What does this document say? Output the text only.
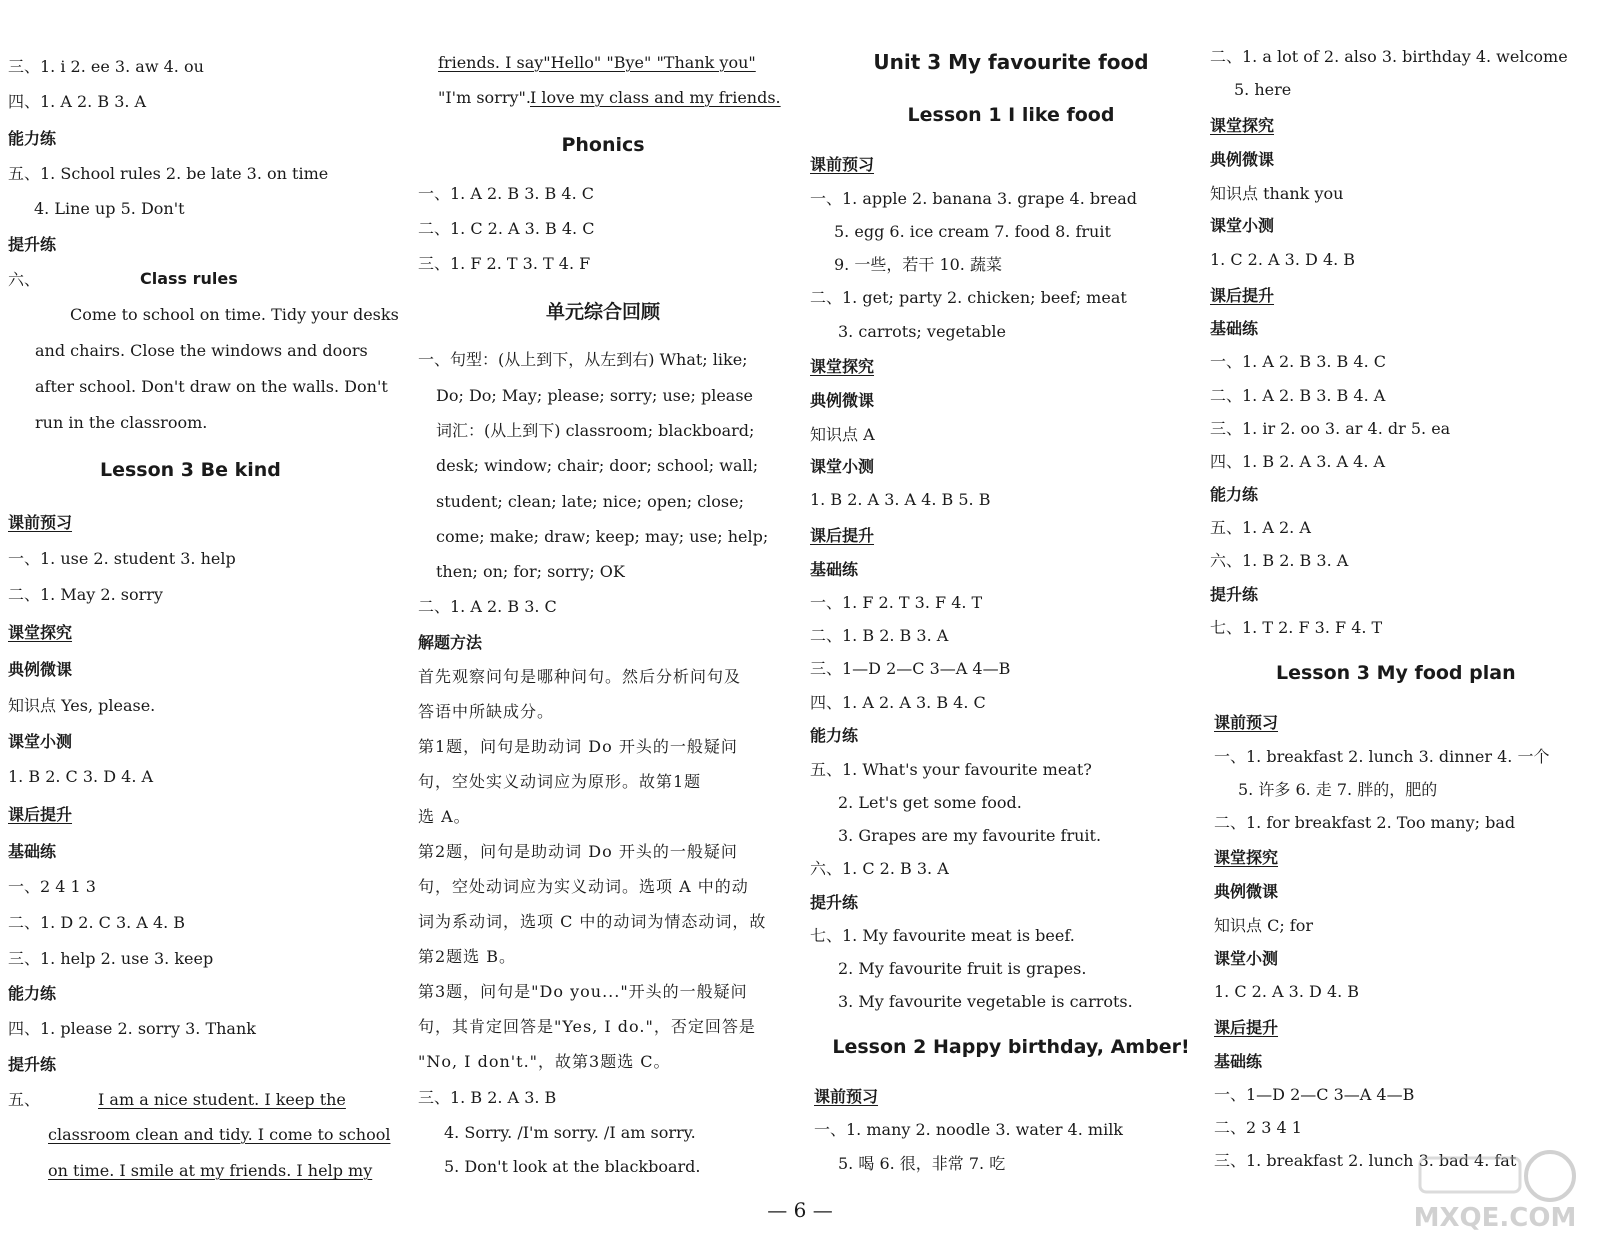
三、1. i 2. ee 3. aw 4. ou
四、1. A 2. B 3. A
能力练
五、1. School rules 2. be late 3. on time
4. Line up 5. Don't
提升练
六、	Class rules
Come to school on time. Tidy your desks
and chairs. Close the windows and doors
after school. Don't draw on the walls. Don't
run in the classroom.
Lesson 3 Be kind
课前预习
一、1. use 2. student 3. help
二、1. May 2. sorry
课堂探究
典例微课
知识点 Yes, please.
课堂小测
1. B 2. C 3. D 4. A
课后提升
基础练
一、2 4 1 3
二、1. D 2. C 3. A 4. B
三、1. help 2. use 3. keep
能力练
四、1. please 2. sorry 3. Thank
提升练
五、	I am a nice student. I keep the
classroom clean and tidy. I come to school
on time. I smile at my friends. I help my
friends. I say"Hello" "Bye" "Thank you"
"I'm sorry". I love my class and my friends.
Phonics
一、1. A 2. B 3. B 4. C
二、1. C 2. A 3. B 4. C
三、1. F 2. T 3. T 4. F
单元综合回顾
一、句型：(从上到下，从左到右) What; like;
Do; Do; May; please; sorry; use; please
词汇：(从上到下) classroom; blackboard;
desk; window; chair; door; school; wall;
student; clean; late; nice; open; close;
come; make; draw; keep; may; use; help;
then; on; for; sorry; OK
二、1. A 2. B 3. C
解题方法
首先观察问句是哪种问句。然后分析问句及
答语中所缺成分。
第1题，问句是助动词 Do 开头的一般疑问
句，空处实义动词应为原形。故第1题
选 A。
第2题，问句是助动词 Do 开头的一般疑问
句，空处动词应为实义动词。选项 A 中的动
词为系动词，选项 C 中的动词为情态动词，故
第2题选 B。
第3题，问句是"Do you..."开头的一般疑问
句，其肯定回答是"Yes, I do."，否定回答是
"No, I don't."，故第3题选 C。
三、1. B 2. A 3. B
4. Sorry. /I'm sorry. /I am sorry.
5. Don't look at the blackboard.
Unit 3 My favourite food
Lesson 1 I like food
课前预习
一、1. apple 2. banana 3. grape 4. bread
5. egg 6. ice cream 7. food 8. fruit
9. 一些，若干 10. 蔬菜
二、1. get; party 2. chicken; beef; meat
3. carrots; vegetable
课堂探究
典例微课
知识点 A
课堂小测
1. B 2. A 3. A 4. B 5. B
课后提升
基础练
一、1. F 2. T 3. F 4. T
二、1. B 2. B 3. A
三、1—D 2—C 3—A 4—B
四、1. A 2. A 3. B 4. C
能力练
五、1. What's your favourite meat?
2. Let's get some food.
3. Grapes are my favourite fruit.
六、1. C 2. B 3. A
提升练
七、1. My favourite meat is beef.
2. My favourite fruit is grapes.
3. My favourite vegetable is carrots.
Lesson 2 Happy birthday, Amber!
课前预习
一、1. many 2. noodle 3. water 4. milk
5. 喝 6. 很，非常 7. 吃
二、1. a lot of 2. also 3. birthday 4. welcome
5. here
课堂探究
典例微课
知识点 thank you
课堂小测
1. C 2. A 3. D 4. B
课后提升
基础练
一、1. A 2. B 3. B 4. C
二、1. A 2. B 3. B 4. A
三、1. ir 2. oo 3. ar 4. dr 5. ea
四、1. B 2. A 3. A 4. A
能力练
五、1. A 2. A
六、1. B 2. B 3. A
提升练
七、1. T 2. F 3. F 4. T
Lesson 3 My food plan
课前预习
一、1. breakfast 2. lunch 3. dinner 4. 一个
5. 许多 6. 走 7. 胖的，肥的
二、1. for breakfast 2. Too many; bad
课堂探究
典例微课
知识点 C; for
课堂小测
1. C 2. A 3. D 4. B
课后提升
基础练
一、1—D 2—C 3—A 4—B
二、2 3 4 1
三、1. breakfast 2. lunch 3. bad 4. fat
— 6 —	MXQE.COM
